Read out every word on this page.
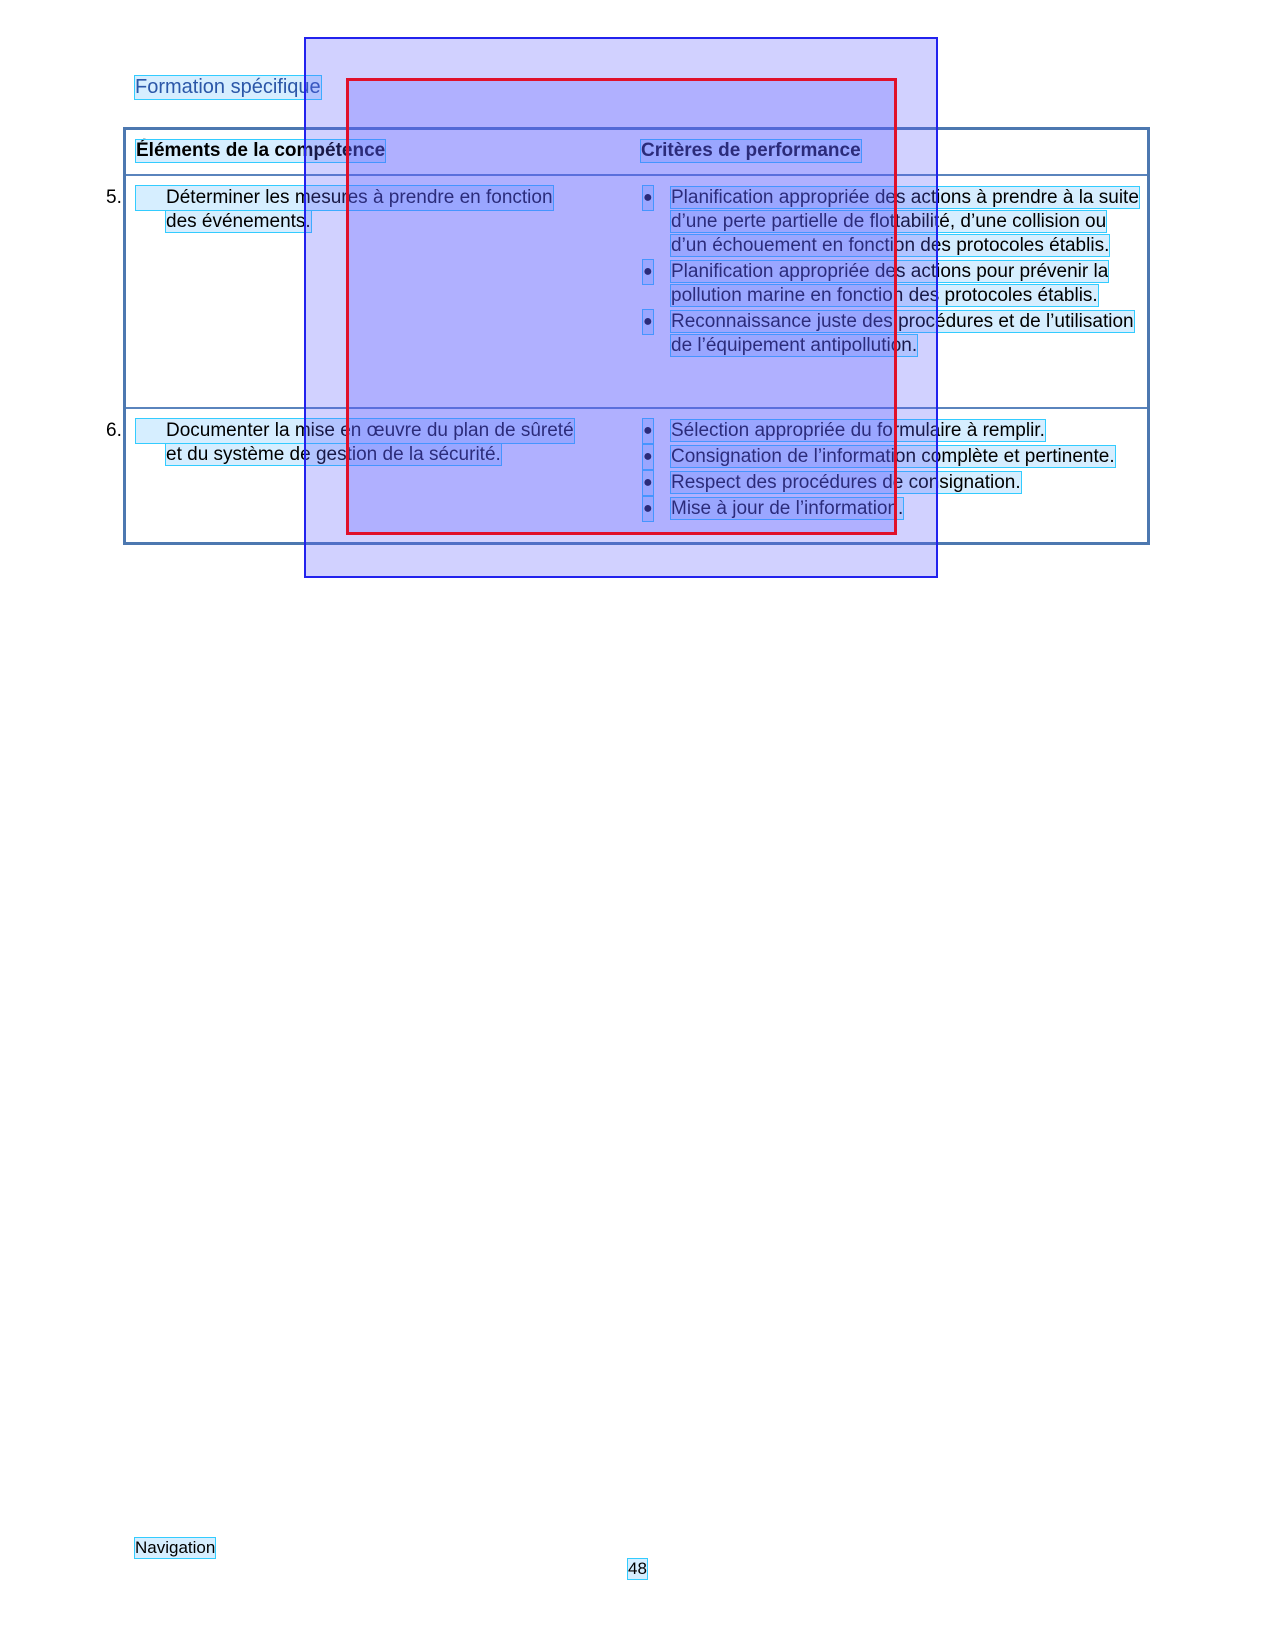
Formation spécifique
Éléments de la compétence	Critères de performance
5. Déterminer les mesures à prendre en fonction
des événements.
● Planification appropriée des actions à prendre à la suite d’une perte partielle de flottabilité, d’une collision ou d’un échouement en fonction des protocoles établis.
● Planification appropriée des actions pour prévenir la pollution marine en fonction des protocoles établis.
● Reconnaissance juste des procédures et de l’utilisation de l’équipement antipollution.
6. Documenter la mise en œuvre du plan de sûreté
et du système de gestion de la sécurité.
● Sélection appropriée du formulaire à remplir.
● Consignation de l’information complète et pertinente.
● Respect des procédures de consignation.
● Mise à jour de l’information.
Navigation
48
